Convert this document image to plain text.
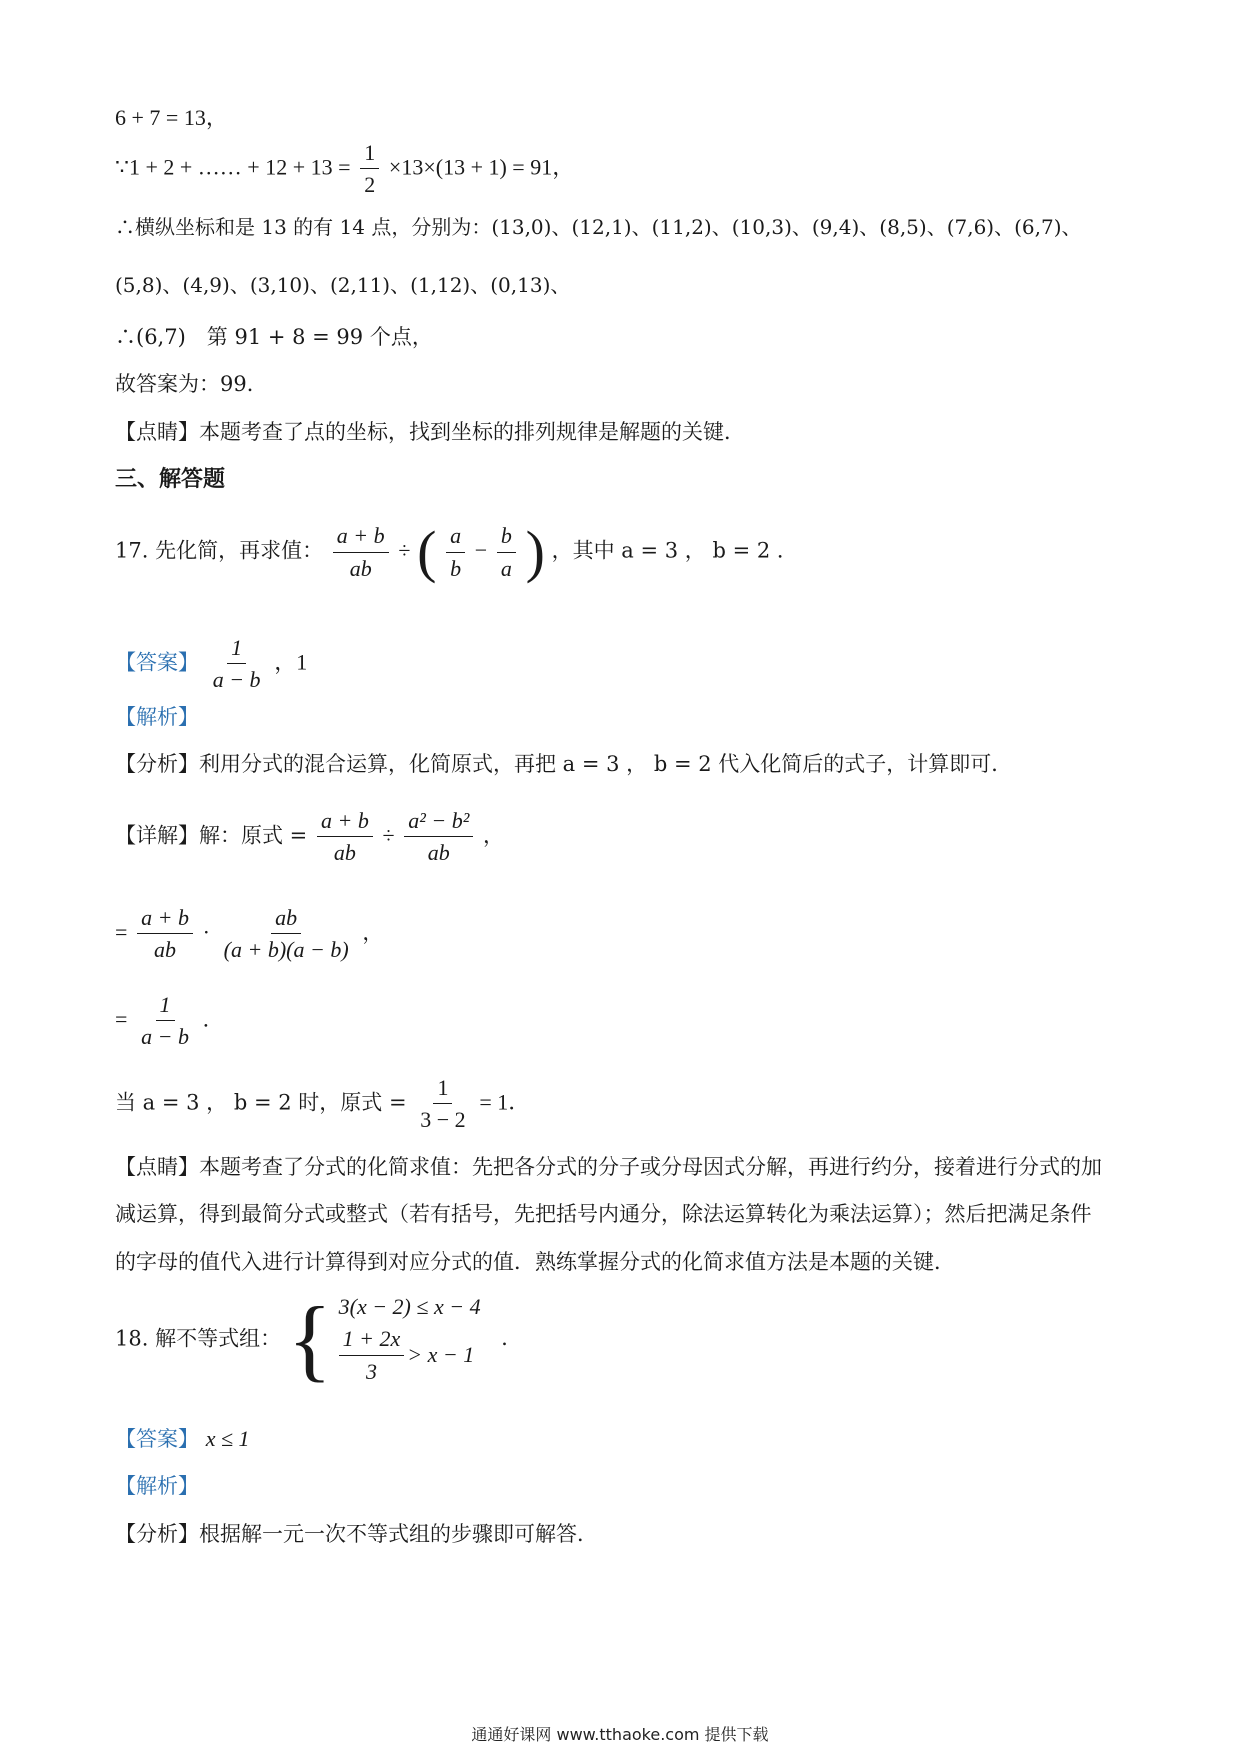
6 + 7 = 13，
∵1 + 2 + …… + $12 + 13 = \frac{1}{2} \times 13\times(13 + 1) = 91$，
∴横纵坐标和是 13 的有 14 点，分别为：(13,0)、(12,1)、(11,2)、(10,3)、(9,4)、(8,5)、(7,6)、(6,7)、
(5,8)、(4,9)、(3,10)、(2,11)、(1,12)、(0,13)、
∴(6,7)　第 91 + 8 = 99 个点，
故答案为：99．
【点睛】本题考查了点的坐标，找到坐标的排列规律是解题的关键．
三、解答题
17. 先化简，再求值： $\frac{a + b}{ab}$ ÷ ( $\frac{a}{b} - \frac{b}{a}$ ) ，其中 a = 3 ， b = 2 ．
【答案】 $\frac{1}{a - b}$ ，1
【解析】
【分析】利用分式的混合运算，化简原式，再把 a = 3 ， b = 2 代入化简后的式子，计算即可．
【详解】解：原式 = $\frac{a + b}{ab} \div \frac{\text{a² − b²}}{ab}$ ，
= $\frac{a + b}{ab} \cdot \frac{ab}{(a + b)(a - b)}$ ，
= $\frac{1}{a - b}$ ．
当 a = 3 ， b = 2 时，原式 = $\frac{1}{3 - 2} = 1$．
【点睛】本题考查了分式的化简求值：先把各分式的分子或分母因式分解，再进行约分，接着进行分式的加
减运算，得到最简分式或整式（若有括号，先把括号内通分，除法运算转化为乘法运算）；然后把满足条件
的字母的值代入进行计算得到对应分式的值．熟练掌握分式的化简求值方法是本题的关键．
18. 解不等式组： { 3(x − 2) ≤ x − 4
$\frac{1 + 2x}{3} > x - 1$
．
【答案】 x ≤ 1
【解析】
【分析】根据解一元一次不等式组的步骤即可解答．
通通好课网 www.tthaoke.com 提供下载
